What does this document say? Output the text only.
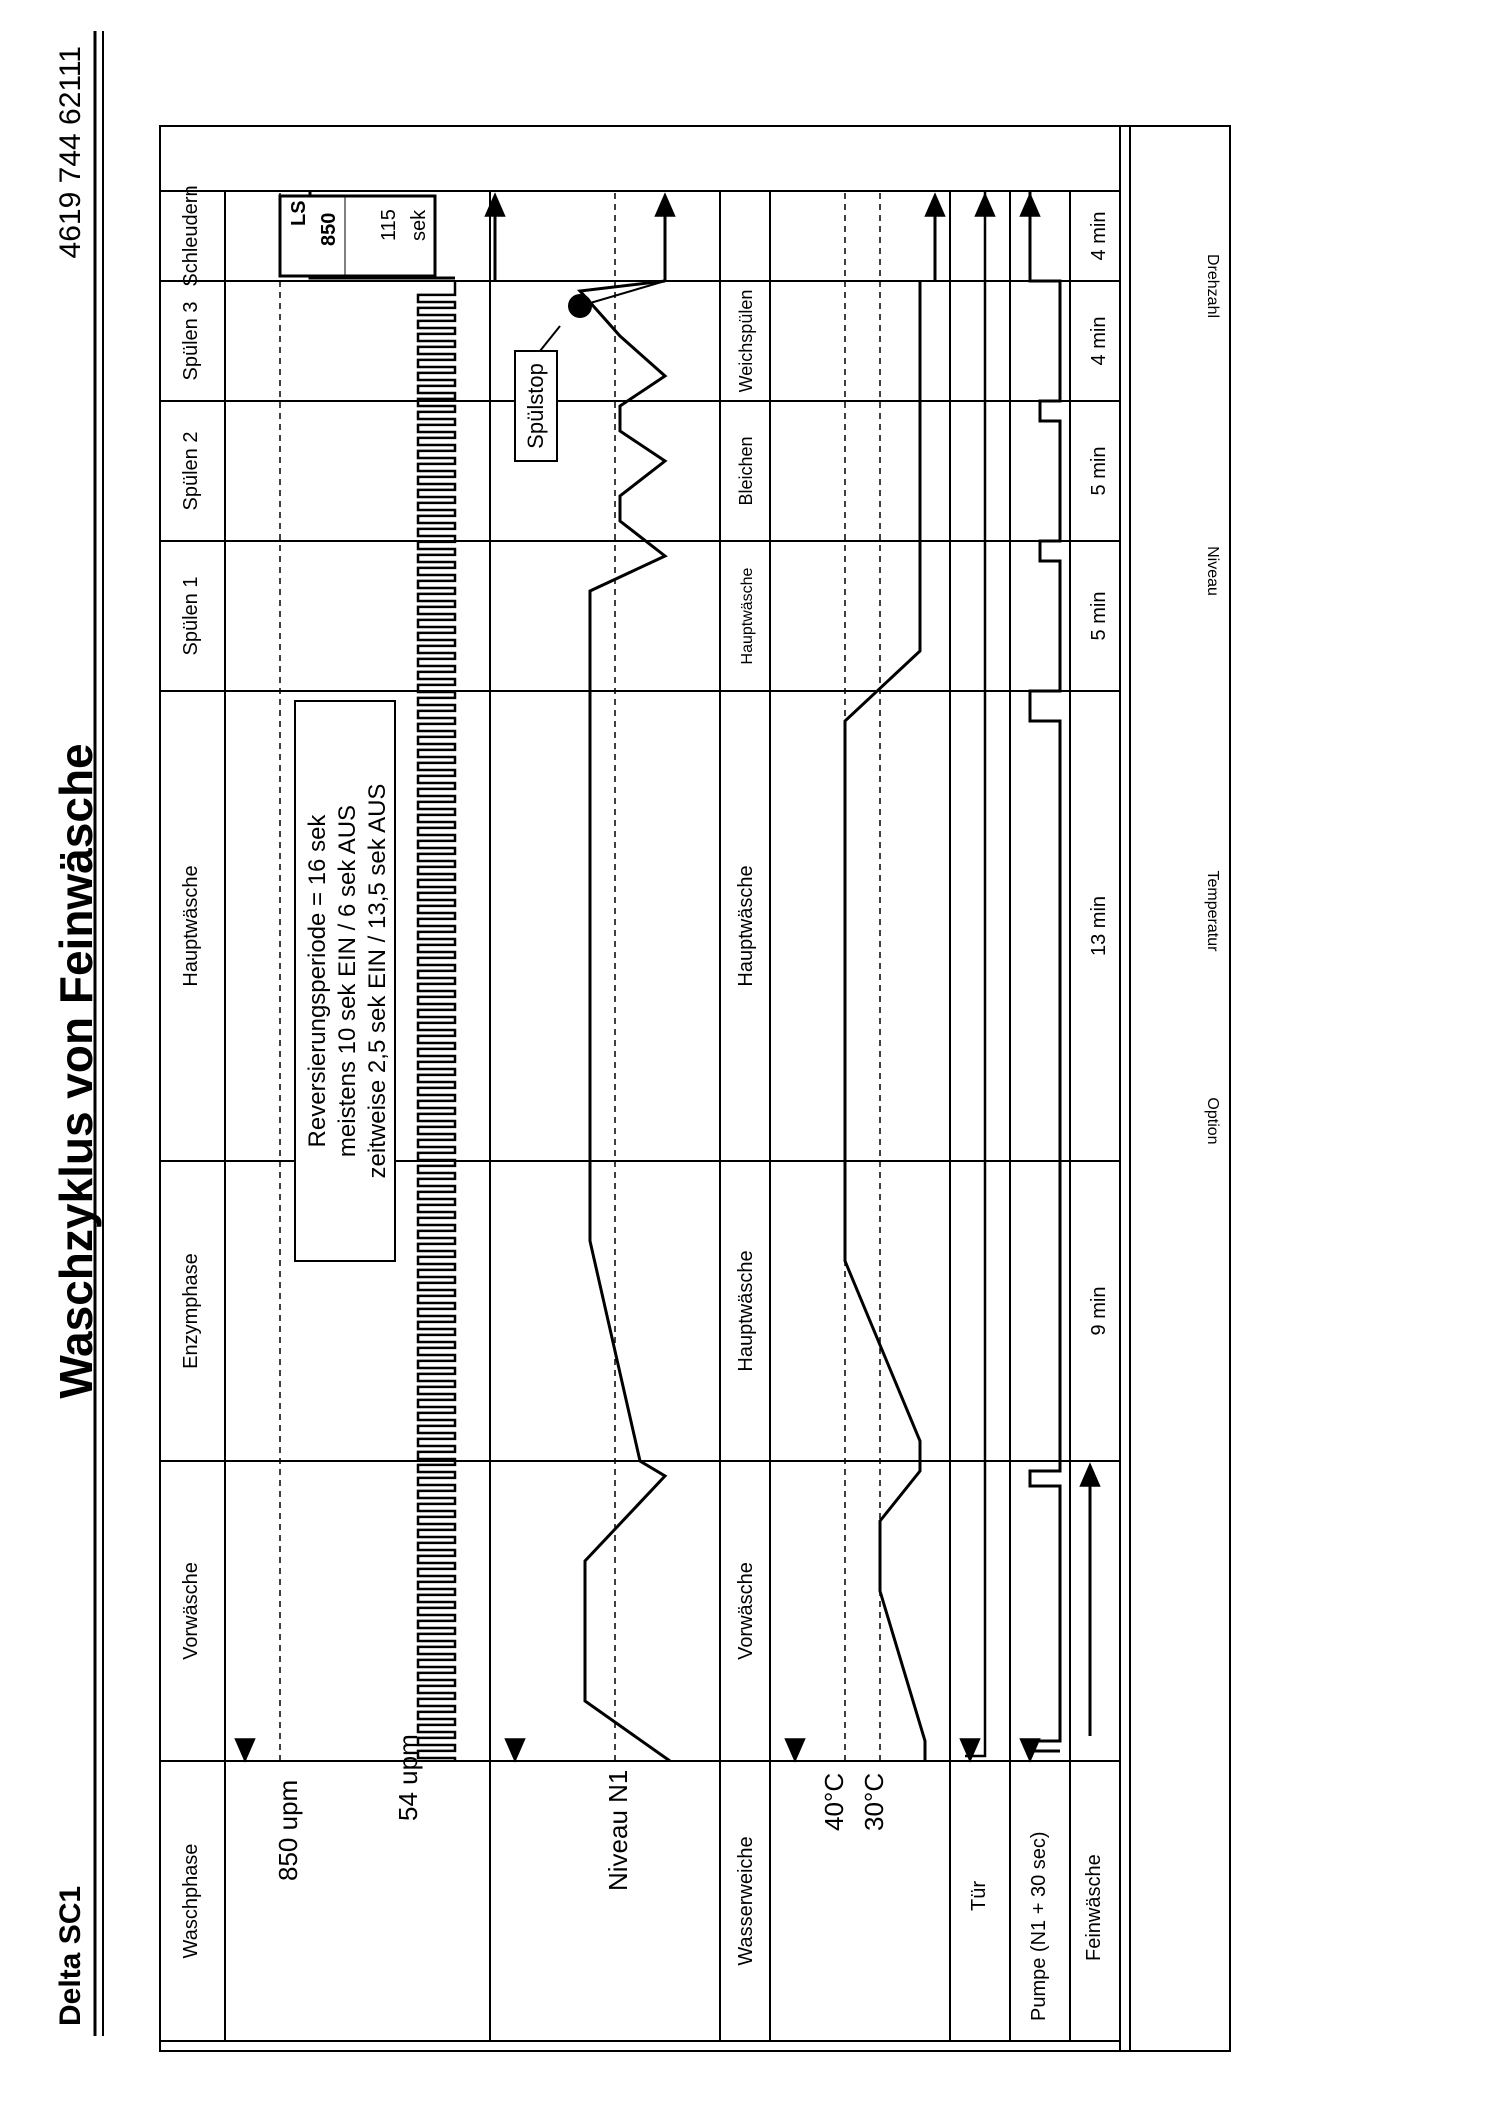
Delta SC1
Waschzyklus von Feinwäsche
4619 744 62111
Drehzahl
Niveau
Temperatur
Option
Waschphase
850 upm
54 upm	Niveau N1
Wasserweiche
40°C 30°C
Tür Pumpe (N1 + 30 sec) Feinwäsche
Vorwäsche
Enzymphase
Hauptwäsche
Spülen 1
Spülen 2
Spülen 3
Schleudern
Vorwäsche
Hauptwäsche
Hauptwäsche
Hauptwäsche
Bleichen
Weichspülen
9 min
13 min
5 min
5 min
4 min
4 min
Reversierungsperiode = 16 sek meistens 10 sek EIN / 6 sek AUS zeitweise 2,5 sek EIN / 13,5 sek AUS
LS 850 115 sek
Spülstop
